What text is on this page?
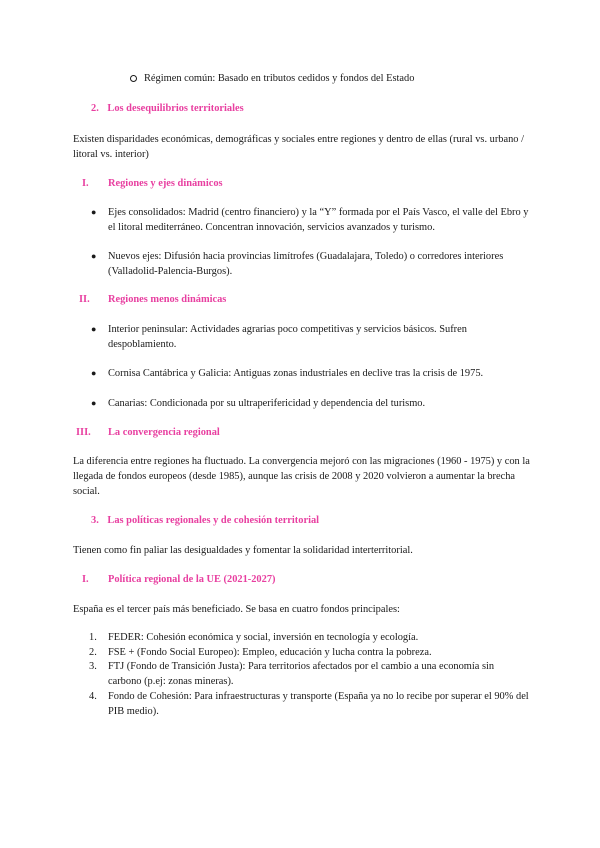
Régimen común: Basado en tributos cedidos y fondos del Estado
2. Los desequilibrios territoriales
Existen disparidades económicas, demográficas y sociales entre regiones y dentro de ellas (rural vs. urbano / litoral vs. interior)
I. Regiones y ejes dinámicos
● Ejes consolidados: Madrid (centro financiero) y la “Y” formada por el País Vasco, el valle del Ebro y el litoral mediterráneo. Concentran innovación, servicios avanzados y turismo.
● Nuevos ejes: Difusión hacia provincias limítrofes (Guadalajara, Toledo) o corredores interiores (Valladolid-Palencia-Burgos).
II. Regiones menos dinámicas
● Interior peninsular: Actividades agrarias poco competitivas y servicios básicos. Sufren despoblamiento.
● Cornisa Cantábrica y Galicia: Antiguas zonas industriales en declive tras la crisis de 1975.
● Canarias: Condicionada por su ultraperiferiсidad y dependencia del turismo.
III. La convergencia regional
La diferencia entre regiones ha fluctuado. La convergencia mejoró con las migraciones (1960 - 1975) y con la llegada de fondos europeos (desde 1985), aunque las crisis de 2008 y 2020 volvieron a aumentar la brecha social.
3. Las políticas regionales y de cohesión territorial
Tienen como fin paliar las desigualdades y fomentar la solidaridad interterritorial.
I. Política regional de la UE (2021-2027)
España es el tercer país más beneficiado. Se basa en cuatro fondos principales:
1. FEDER: Cohesión económica y social, inversión en tecnología y ecología.
2. FSE + (Fondo Social Europeo): Empleo, educación y lucha contra la pobreza.
3. FTJ (Fondo de Transición Justa): Para territorios afectados por el cambio a una economía sin carbono (p.ej: zonas mineras).
4. Fondo de Cohesión: Para infraestructuras y transporte (España ya no lo recibe por superar el 90% del PIB medio).
